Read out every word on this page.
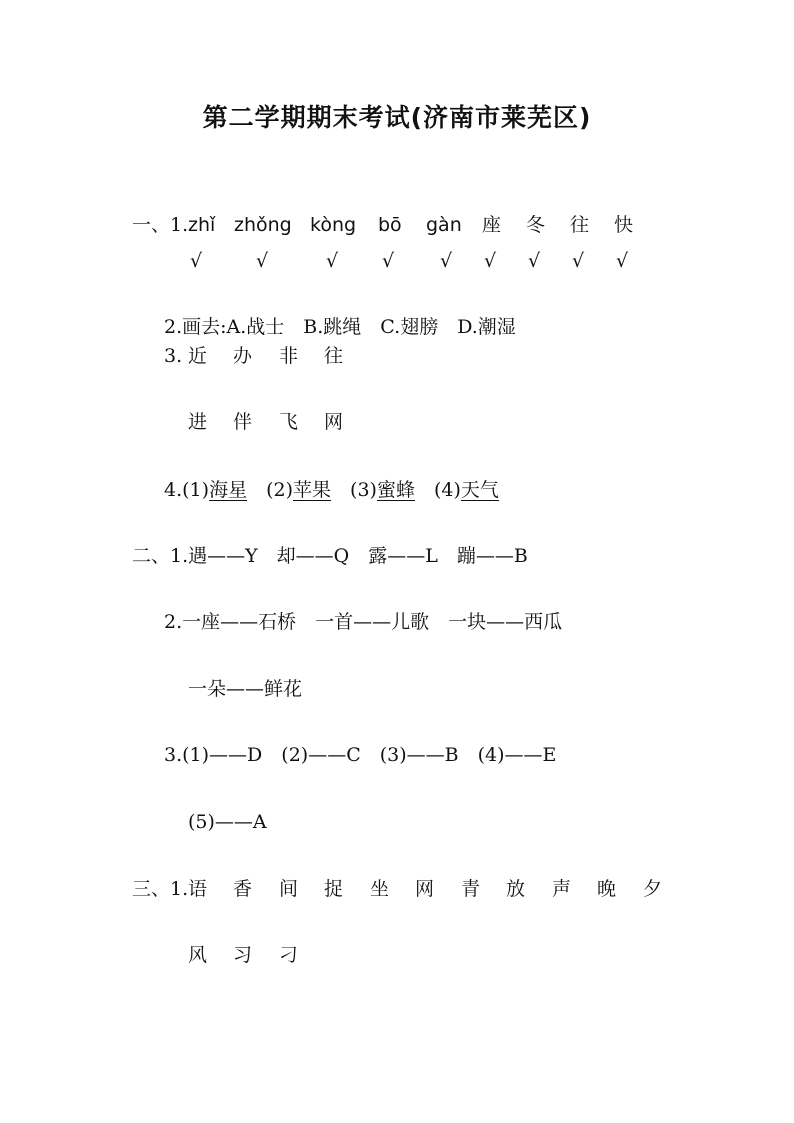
第二学期期末考试(济南市莱芜区)
一、1. zhǐ zhǒng kòng bō gàn 座 冬 往 快
√	√	√ √ √ √ √ √ √
2.画去:A.战士　B.跳绳　C.翅膀　D.潮湿
3. 近 办 非 往
进 伴 飞 网
4.(1)海星　 (2)苹果　 (3)蜜蜂　 (4)天气
二、1.遇——Y　却——Q　露——L　蹦——B
2.一座——石桥　一首——儿歌　一块——西瓜
一朵——鲜花
3.(1)——D　(2)——C　(3)——B　(4)——E
(5)——A
三、1. 语 香 间 捉 坐 网 青 放 声 晚 夕
风 习 刁
